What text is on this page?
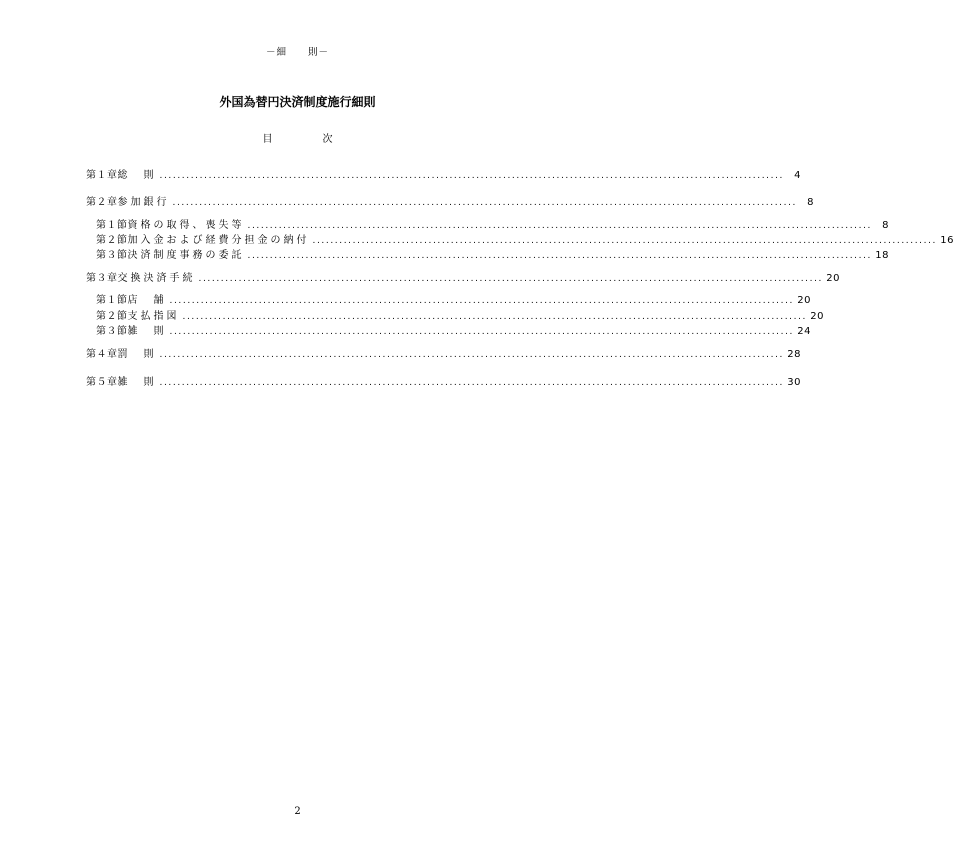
－細　　則－
外国為替円決済制度施行細則
目　　　　　次
第１章 総　則 ............................................................................................................................................	4
第２章 参加銀行 ............................................................................................................................................	8
第１節 資格の取得、喪失等 ............................................................................................................................................	8
第２節 加入金および経費分担金の納付 ............................................................................................................................................ 16
第３節 決済制度事務の委託 ............................................................................................................................................ 18
第３章 交換決済手続 ............................................................................................................................................ 20
第１節 店　舗 ............................................................................................................................................ 20
第２節 支払指図 ............................................................................................................................................ 20
第３節 雑　則 ............................................................................................................................................ 24
第４章 罰　則 ............................................................................................................................................ 28
第５章 雑　則 ............................................................................................................................................ 30
2
